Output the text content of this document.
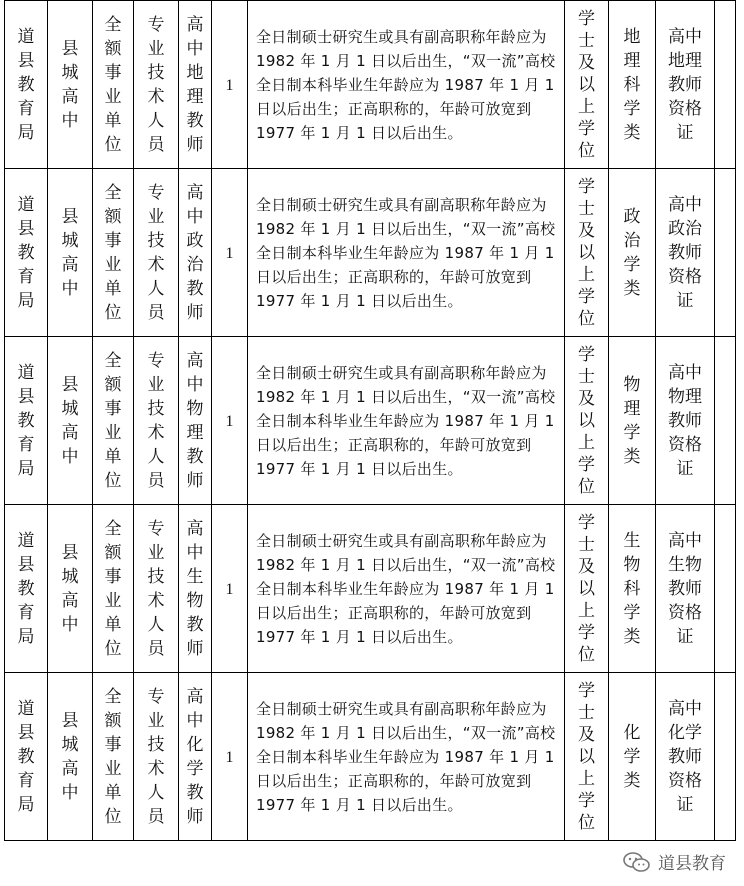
道县教育局	县城高中	全额事业单位	专业技术人员	高中地理教师	1	全日制硕士研究生或具有副高职称年龄应为 1982 年 1 月 1 日以后出生，“双一流”高校全日制本科毕业生年龄应为 1987 年 1 月 1 日以后出生；正高职称的，年龄可放宽到 1977 年 1 月 1 日以后出生。	学士及以上学位	地理科学类	高中地理教师资格证	
道县教育局	县城高中	全额事业单位	专业技术人员	高中政治教师	1	全日制硕士研究生或具有副高职称年龄应为 1982 年 1 月 1 日以后出生，“双一流”高校全日制本科毕业生年龄应为 1987 年 1 月 1 日以后出生；正高职称的，年龄可放宽到 1977 年 1 月 1 日以后出生。	学士及以上学位	政治学类	高中政治教师资格证	
道县教育局	县城高中	全额事业单位	专业技术人员	高中物理教师	1	全日制硕士研究生或具有副高职称年龄应为 1982 年 1 月 1 日以后出生，“双一流”高校全日制本科毕业生年龄应为 1987 年 1 月 1 日以后出生；正高职称的，年龄可放宽到 1977 年 1 月 1 日以后出生。	学士及以上学位	物理学类	高中物理教师资格证	
道县教育局	县城高中	全额事业单位	专业技术人员	高中生物教师	1	全日制硕士研究生或具有副高职称年龄应为 1982 年 1 月 1 日以后出生，“双一流”高校全日制本科毕业生年龄应为 1987 年 1 月 1 日以后出生；正高职称的，年龄可放宽到 1977 年 1 月 1 日以后出生。	学士及以上学位	生物科学类	高中生物教师资格证	
道县教育局	县城高中	全额事业单位	专业技术人员	高中化学教师	1	全日制硕士研究生或具有副高职称年龄应为 1982 年 1 月 1 日以后出生，“双一流”高校全日制本科毕业生年龄应为 1987 年 1 月 1 日以后出生；正高职称的，年龄可放宽到 1977 年 1 月 1 日以后出生。	学士及以上学位	化学类	高中化学教师资格证	
道县教育
